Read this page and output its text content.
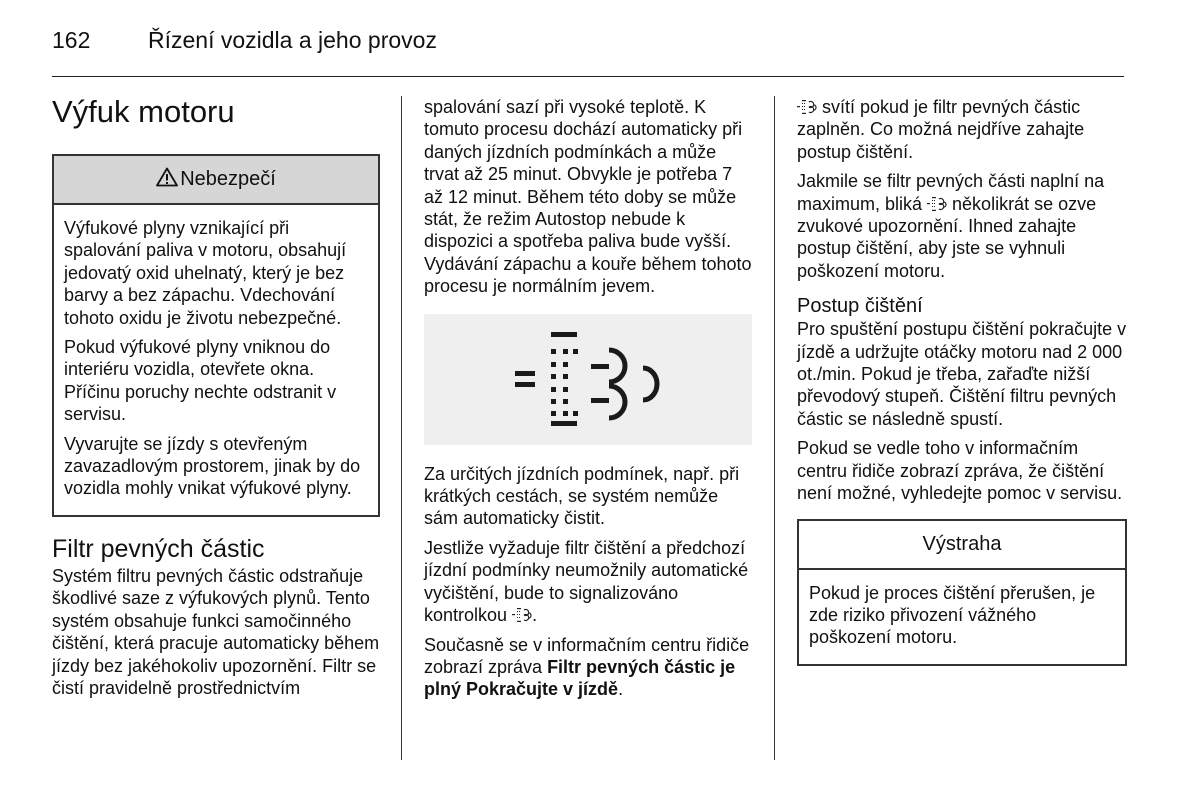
162	Řízení vozidla a jeho provoz
Výfuk motoru
Nebezpečí

Výfukové plyny vznikající při spalování paliva v motoru, obsahují jedovatý oxid uhelnatý, který je bez barvy a bez zápachu. Vdechování tohoto oxidu je životu nebezpečné.

Pokud výfukové plyny vniknou do interiéru vozidla, otevřete okna. Příčinu poruchy nechte odstranit v servisu.

Vyvarujte se jízdy s otevřeným zavazadlovým prostorem, jinak by do vozidla mohly vnikat výfukové plyny.

Filtr pevných částic

Systém filtru pevných částic odstraňuje škodlivé saze z výfukových plynů. Tento systém obsahuje funkci samočinného čištění, která pracuje automaticky během jízdy bez jakéhokoliv upozornění. Filtr se čistí pravidelně prostřednictvím

spalování sazí při vysoké teplotě. K tomuto procesu dochází automaticky při daných jízdních podmínkách a může trvat až 25 minut. Obvykle je potřeba 7 až 12 minut. Během této doby se může stát, že režim Autostop nebude k dispozici a spotřeba paliva bude vyšší. Vydávání zápachu a kouře během tohoto procesu je normálním jevem.

Za určitých jízdních podmínek, např. při krátkých cestách, se systém nemůže sám automaticky čistit.

Jestliže vyžaduje filtr čištění a předchozí jízdní podmínky neumožnily automatické vyčištění, bude to signalizováno kontrolkou .

Současně se v informačním centru řidiče zobrazí zpráva Filtr pevných částic je plný Pokračujte v jízdě.

svítí pokud je filtr pevných částic zaplněn. Co možná nejdříve zahajte postup čištění.

Jakmile se filtr pevných části naplní na maximum, bliká  několikrát se ozve zvukové upozornění. Ihned zahajte postup čištění, aby jste se vyhnuli poškození motoru.

Postup čištění

Pro spuštění postupu čištění pokračujte v jízdě a udržujte otáčky motoru nad 2 000 ot./min. Pokud je třeba, zařaďte nižší převodový stupeň. Čištění filtru pevných částic se následně spustí.

Pokud se vedle toho v informačním centru řidiče zobrazí zpráva, že čištění není možné, vyhledejte pomoc v servisu.

Výstraha

Pokud je proces čištění přerušen, je zde riziko přivození vážného poškození motoru.
